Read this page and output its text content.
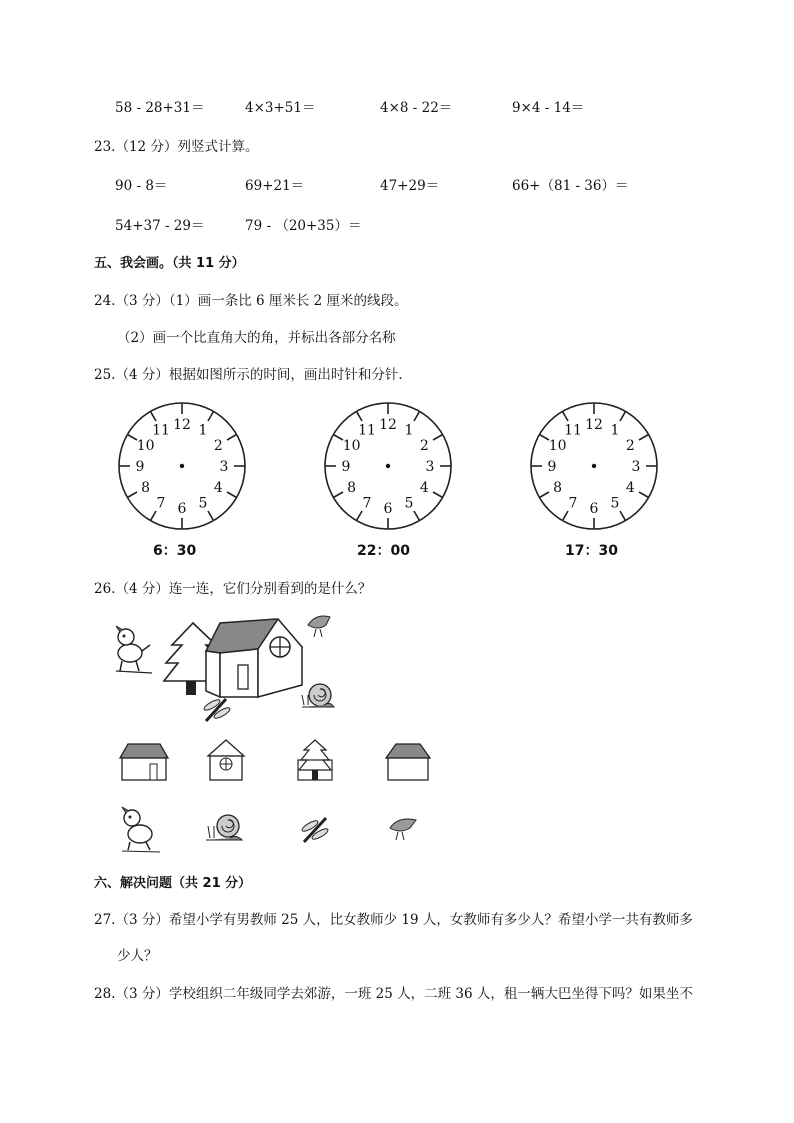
58 - 28+31＝	4×3+51＝	4×8 - 22＝	9×4 - 14＝
23.（12 分）列竖式计算。
90 - 8＝	69+21＝	47+29＝	66+（81 - 36）＝
54+37 - 29＝	79 - （20+35）＝
五、我会画。（共 11 分）
24.（3 分）（1）画一条比 6 厘米长 2 厘米的线段。
（2）画一个比直角大的角，并标出各部分名称
25.（4 分）根据如图所示的时间，画出时针和分针．
12 1
2
3
4
5
6
7
8
9
10
11	12 1
2
3
4
5
6
7
8
9
10
11	12 1
2
3
4
5
6
7
8
9
10
11
6：30	22：00	17：30
26.（4 分）连一连，它们分别看到的是什么？
六、解决问题（共 21 分）
27.（3 分）希望小学有男教师 25 人，比女教师少 19 人，女教师有多少人？希望小学一共有教师多
少人？
28.（3 分）学校组织二年级同学去郊游，一班 25 人，二班 36 人，租一辆大巴坐得下吗？如果坐不
